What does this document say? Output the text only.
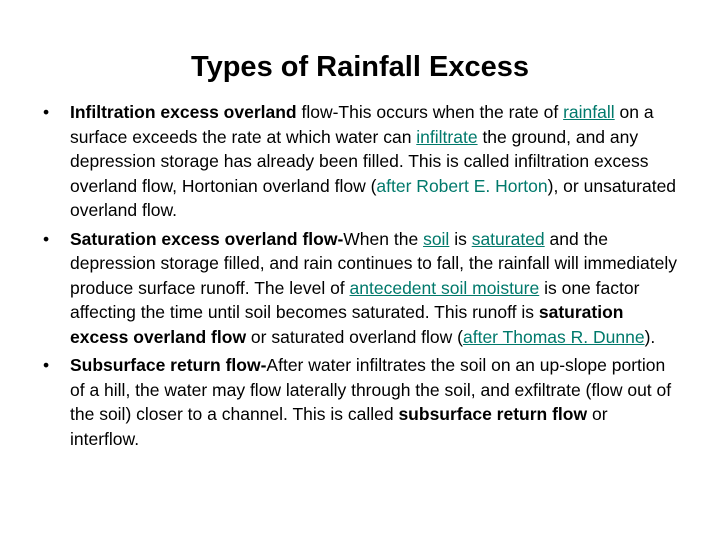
Types of Rainfall Excess
• Infiltration excess overland flow-This occurs when the rate of rainfall on a surface exceeds the rate at which water can infiltrate the ground, and any depression storage has already been filled. This is called infiltration excess overland flow, Hortonian overland flow (after Robert E. Horton), or unsaturated overland flow.
• Saturation excess overland flow-When the soil is saturated and the depression storage filled, and rain continues to fall, the rainfall will immediately produce surface runoff. The level of antecedent soil moisture is one factor affecting the time until soil becomes saturated. This runoff is saturation excess overland flow or saturated overland flow (after Thomas R. Dunne).
• Subsurface return flow-After water infiltrates the soil on an up-slope portion of a hill, the water may flow laterally through the soil, and exfiltrate (flow out of the soil) closer to a channel. This is called subsurface return flow or interflow.
